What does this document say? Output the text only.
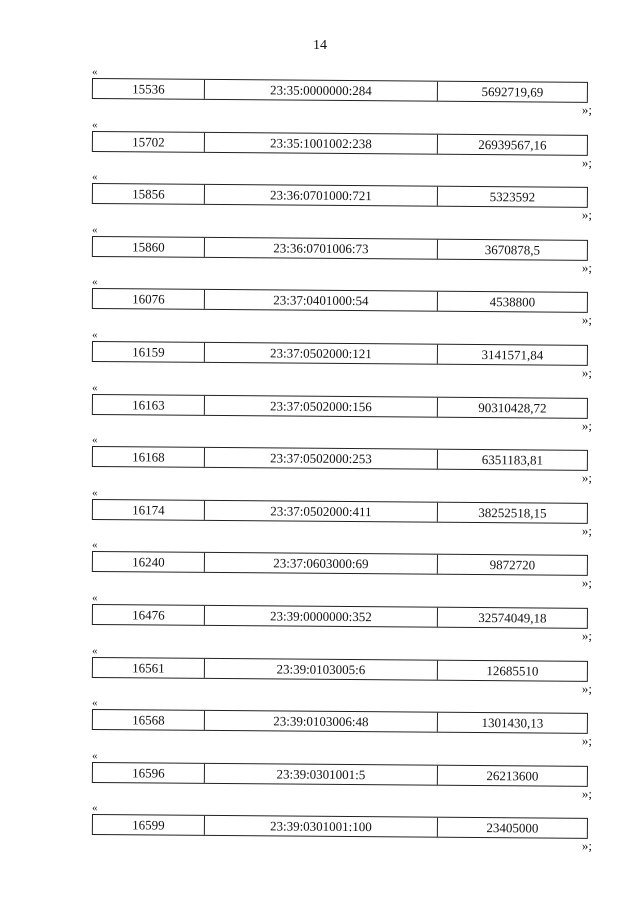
14
«
15536	23:35:0000000:284	5692719,69
»;
«
15702	23:35:1001002:238	26939567,16
»;
«
15856	23:36:0701000:721	5323592
»;
«
15860	23:36:0701006:73	3670878,5
»;
«
16076	23:37:0401000:54	4538800
»;
«
16159	23:37:0502000:121	3141571,84
»;
«
16163	23:37:0502000:156	90310428,72
»;
«
16168	23:37:0502000:253	6351183,81
»;
«
16174	23:37:0502000:411	38252518,15
»;
«
16240	23:37:0603000:69	9872720
»;
«
16476	23:39:0000000:352	32574049,18
»;
«
16561	23:39:0103005:6	12685510
»;
«
16568	23:39:0103006:48	1301430,13
»;
«
16596	23:39:0301001:5	26213600
»;
«
16599	23:39:0301001:100	23405000
»;
